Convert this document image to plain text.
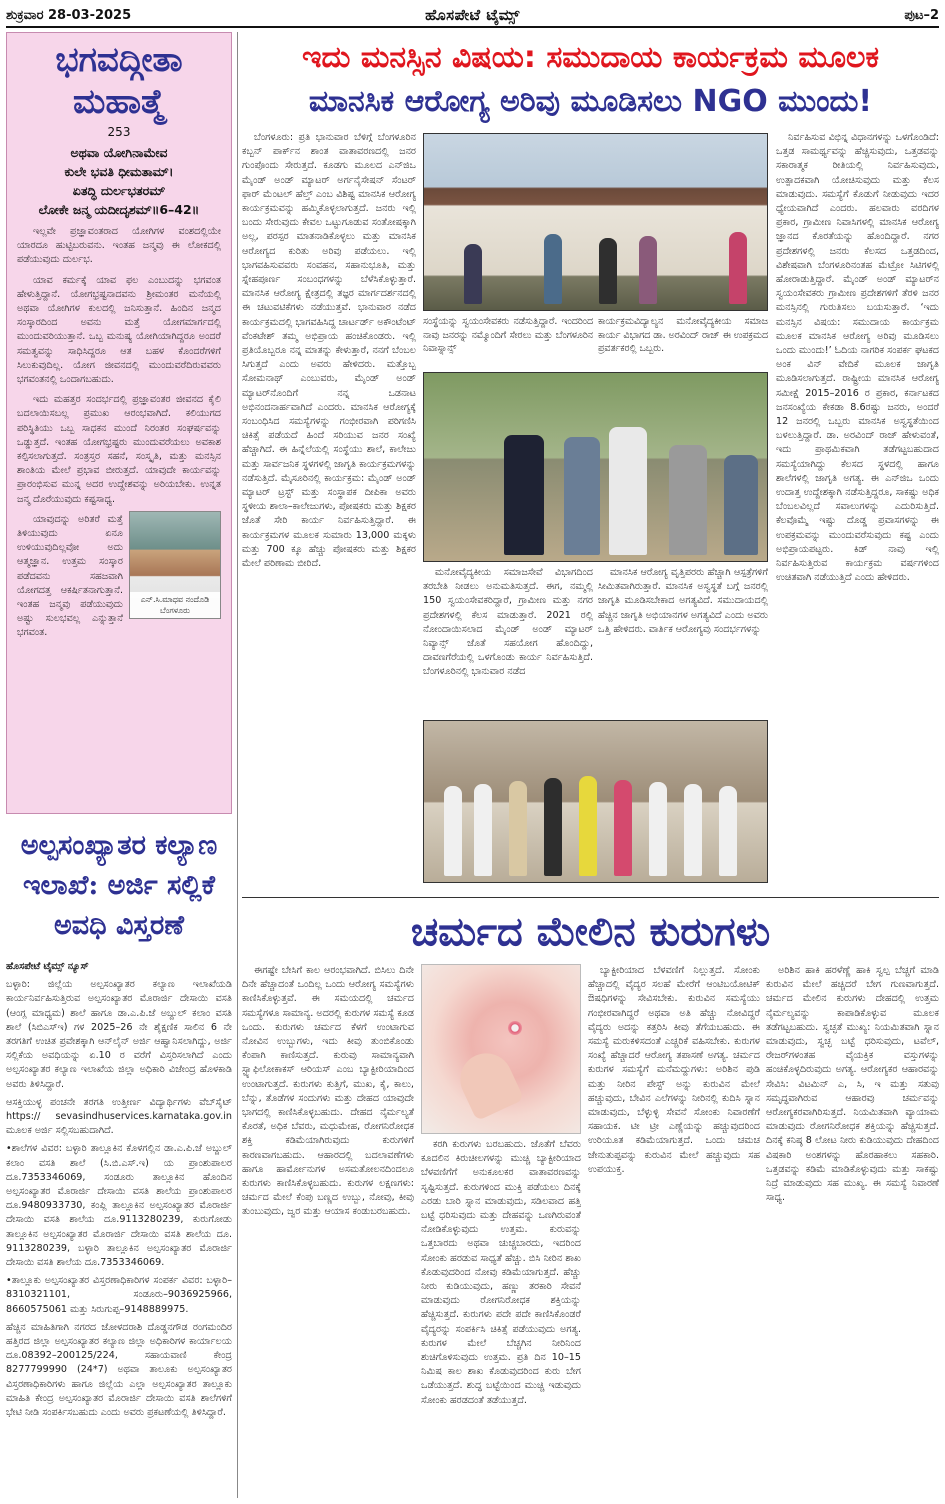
ಶುಕ್ರವಾರ 28-03-2025	ಹೊಸಪೇಟೆ ಟೈಮ್ಸ್	ಪುಟ–2
ಭಗವದ್ಗೀತಾ
ಮಹಾತ್ಮೆ
253
ಅಥವಾ ಯೋಗಿನಾಮೇವ
ಕುಲೇ ಭವತಿ ಧೀಮತಾಮ್।
ಏತದ್ಧಿ ದುರ್ಲಭತರಮ್
ಲೋಕೇ ಜನ್ಮ ಯದೀದೃಶಮ್॥6–42॥

ಇಲ್ಲವೇ ಪ್ರಜ್ಞಾವಂತರಾದ ಯೋಗಿಗಳ ವಂಶದಲ್ಲಿಯೇ ಯಾರದೂ ಹುಟ್ಟಿಬರುವನು. ಇಂತಹ ಜನ್ಮವು ಈ ಲೋಕದಲ್ಲಿ ಪಡೆಯುವುದು ದುರ್ಲಭ.

ಯಾವ ಕರ್ಮಕ್ಕೆ ಯಾವ ಫಲ ಎಂಬುದನ್ನು ಭಗವಂತ ಹೇಳುತ್ತಿದ್ದಾನೆ. ಯೋಗಭ್ರಷ್ಟನಾದವನು ಶ್ರೀಮಂತರ ಮನೆಯಲ್ಲಿ ಅಥವಾ ಯೋಗಿಗಳ ಕುಲದಲ್ಲಿ ಜನಿಸುತ್ತಾನೆ. ಹಿಂದಿನ ಜನ್ಮದ ಸಂಸ್ಕಾರದಿಂದ ಅವನು ಮತ್ತೆ ಯೋಗಮಾರ್ಗದಲ್ಲಿ ಮುಂದುವರಿಯುತ್ತಾನೆ. ಒಬ್ಬ ಮನುಷ್ಯ ಯೋಗಿಯಾಗಿದ್ದರೂ ಅಂದರೆ ಸಮತ್ವವನ್ನು ಸಾಧಿಸಿದ್ದರೂ ಆತ ಬಹಳ ಕೊಂದರೆಗಳಿಗೆ ಸಿಲುಕುವುದಿಲ್ಲ. ಯೋಗ ಜೀವನದಲ್ಲಿ ಮುಂದುವರೆದಿರುವವರು ಭಗವಂತನಲ್ಲಿ ಒಂದಾಗಬಹುದು.

ಇದು ಮಹತ್ತರ ಸಂದರ್ಭದಲ್ಲಿ ಪ್ರಜ್ಞಾವಂತರ ಜೀವನದ ಕೈಲಿ ಬದಲಾಯಿಸಬಲ್ಲ ಪ್ರಮುಖ ಆರಂಭವಾಗಿದೆ. ಕಲಿಯುಗದ ಪರಿಸ್ಥಿತಿಯು ಒಬ್ಬ ಸಾಧಕನ ಮುಂದೆ ನಿರಂತರ ಸಂಘರ್ಷವನ್ನು ಒಡ್ಡುತ್ತದೆ. ಇಂತಹ ಯೋಗಭ್ರಷ್ಟರು ಮುಂದುವರೆಯಲು ಅವಕಾಶ ಕಲ್ಪಿಸಲಾಗುತ್ತದೆ. ಸಂತ್ರಸ್ತರ ಸಹನೆ, ಸಂಸ್ಕೃತಿ, ಮತ್ತು ಮನಸ್ಸಿನ ಶಾಂತಿಯ ಮೇಲೆ ಪ್ರಭಾವ ಬೀರುತ್ತದೆ. ಯಾವುದೇ ಕಾರ್ಯವನ್ನು ಪ್ರಾರಂಭಿಸುವ ಮುನ್ನ ಅದರ ಉದ್ದೇಶವನ್ನು ಅರಿಯಬೇಕು. ಉನ್ನತ ಜನ್ಮ ದೊರೆಯುವುದು ಕಷ್ಟಸಾಧ್ಯ.

ಎನ್.ಸಿ.ಮಾಧವ ನಂದೊಡಿ
ಬೆಂಗಳೂರು

ಯಾವುದನ್ನು ಅರಿತರೆ ಮತ್ತೆ ತಿಳಿಯುವುದು ಏನೂ ಉಳಿಯುವುದಿಲ್ಲವೋ ಅದು ಆತ್ಮಜ್ಞಾನ. ಉತ್ತಮ ಸಂಸ್ಕಾರ ಪಡೆದವನು ಸಹಜವಾಗಿ ಯೋಗದತ್ತ ಆಕರ್ಷಿತನಾಗುತ್ತಾನೆ. ಇಂತಹ ಜನ್ಮವು ಪಡೆಯುವುದು ಅಷ್ಟು ಸುಲಭವಲ್ಲ ಎನ್ನುತ್ತಾನೆ ಭಗವಂತ.

ಅಲ್ಪಸಂಖ್ಯಾತರ ಕಲ್ಯಾಣ ಇಲಾಖೆ: ಅರ್ಜಿ ಸಲ್ಲಿಕೆ ಅವಧಿ ವಿಸ್ತರಣೆ

ಹೊಸಪೇಟೆ ಟೈಮ್ಸ್ ನ್ಯೂಸ್

ಬಳ್ಳಾರಿ: ಜಿಲ್ಲೆಯ ಅಲ್ಪಸಂಖ್ಯಾತರ ಕಲ್ಯಾಣ ಇಲಾಖೆಯಡಿ ಕಾರ್ಯನಿರ್ವಹಿಸುತ್ತಿರುವ ಅಲ್ಪಸಂಖ್ಯಾತರ ಮೊರಾರ್ಜಿ ದೇಸಾಯಿ ವಸತಿ (ಆಂಗ್ಲ ಮಾಧ್ಯಮ) ಶಾಲೆ ಹಾಗೂ ಡಾ.ಎ.ಪಿ.ಜೆ ಅಬ್ದುಲ್ ಕಲಾಂ ವಸತಿ ಶಾಲೆ (ಸಿಬಿಎಸ್‌ಇ) ಗಳ 2025–26 ನೇ ಶೈಕ್ಷಣಿಕ ಸಾಲಿನ 6 ನೇ ತರಗತಿಗೆ ಉಚಿತ ಪ್ರವೇಶಕ್ಕಾಗಿ ಆನ್‌ಲೈನ್ ಅರ್ಜಿ ಆಹ್ವಾನಿಸಲಾಗಿದ್ದು, ಅರ್ಜಿ ಸಲ್ಲಿಕೆಯ ಅವಧಿಯನ್ನು ಏ.10 ರ ವರೆಗೆ ವಿಸ್ತರಿಸಲಾಗಿದೆ ಎಂದು ಅಲ್ಪಸಂಖ್ಯಾತರ ಕಲ್ಯಾಣ ಇಲಾಖೆಯ ಜಿಲ್ಲಾ ಅಧಿಕಾರಿ ವಿಜೇಂದ್ರ ಹೊಳಕಾಡಿ ಅವರು ತಿಳಿಸಿದ್ದಾರೆ.

ಆಸಕ್ತಿಯುಳ್ಳ ಪಂಚನೇ ತರಗತಿ ಉತ್ತೀರ್ಣ ವಿದ್ಯಾರ್ಥಿಗಳು ವೆಬ್‌ಸೈಟ್ https:// sevasindhuservices.karnataka.gov.in ಮೂಲಕ ಅರ್ಜಿ ಸಲ್ಲಿಸಬಹುದಾಗಿದೆ.

•ಶಾಲೆಗಳ ವಿವರ: ಬಳ್ಳಾರಿ ತಾಲ್ಲೂಕಿನ ಕೊಳಗಲ್ಲಿನ ಡಾ.ಎ.ಪಿ.ಜೆ ಅಬ್ದುಲ್ ಕಲಾಂ ವಸತಿ ಶಾಲೆ (ಸಿ.ಬಿ.ಎಸ್.ಇ) ಯ ಪ್ರಾಂಶುಪಾಲರ ದೂ.7353346069, ಸಂಡೂರು ತಾಲ್ಲೂಕಿನ ಹೊಂದಿನ ಅಲ್ಪಸಂಖ್ಯಾತರ ಮೊರಾರ್ಜಿ ದೇಸಾಯಿ ವಸತಿ ಶಾಲೆಯ ಪ್ರಾಂಶುಪಾಲರ ದೂ.9480933730, ಕಂಪ್ಲಿ ತಾಲ್ಲೂಕಿನ ಅಲ್ಪಸಂಖ್ಯಾತರ ಮೊರಾರ್ಜಿ ದೇಸಾಯಿ ವಸತಿ ಶಾಲೆಯ ದೂ.9113280239, ಕುರುಗೋಡು ತಾಲ್ಲೂಕಿನ ಅಲ್ಪಸಂಖ್ಯಾತರ ಮೊರಾರ್ಜಿ ದೇಸಾಯಿ ವಸತಿ ಶಾಲೆಯ ದೂ. 9113280239, ಬಳ್ಳಾರಿ ತಾಲ್ಲೂಕಿನ ಅಲ್ಪಸಂಖ್ಯಾತರ ಮೊರಾರ್ಜಿ ದೇಸಾಯಿ ವಸತಿ ಶಾಲೆಯ ದೂ.7353346069.

•ತಾಲ್ಲೂಕು ಅಲ್ಪಸಂಖ್ಯಾತರ ವಿಸ್ತರಣಾಧಿಕಾರಿಗಳ ಸಂಪರ್ಕ ವಿವರ: ಬಳ್ಳಾರಿ–8310321101, ಸಂಡೂರು–9036925966, 8660575061 ಮತ್ತು ಸಿರುಗುಪ್ಪ–9148889975.

ಹೆಚ್ಚಿನ ಮಾಹಿತಿಗಾಗಿ ನಗರದ ಜೋಳದರಾಶಿ ದೊಡ್ಡನಗೌಡ ರಂಗಮಂದಿರ ಹತ್ತಿರದ ಜಿಲ್ಲಾ ಅಲ್ಪಸಂಖ್ಯಾತರ ಕಲ್ಯಾಣ ಜಿಲ್ಲಾ ಅಧಿಕಾರಿಗಳ ಕಾರ್ಯಾಲಯ ದೂ.08392–200125/224, ಸಹಾಯವಾಣಿ ಕೇಂದ್ರ 8277799990 (24*7) ಅಥವಾ ತಾಲೂಕು ಅಲ್ಪಸಂಖ್ಯಾತರ ವಿಸ್ತರಣಾಧಿಕಾರಿಗಳು ಹಾಗೂ ಜಿಲ್ಲೆಯ ಎಲ್ಲಾ ಅಲ್ಪಸಂಖ್ಯಾತರ ತಾಲ್ಲೂಕು ಮಾಹಿತಿ ಕೇಂದ್ರ ಅಲ್ಪಸಂಖ್ಯಾತರ ಮೊರಾರ್ಜಿ ದೇಸಾಯಿ ವಸತಿ ಶಾಲೆಗಳಿಗೆ ಭೇಟಿ ನೀಡಿ ಸಂಪರ್ಕಿಸಬಹುದು ಎಂದು ಅವರು ಪ್ರಕಟಣೆಯಲ್ಲಿ ತಿಳಿಸಿದ್ದಾರೆ.

ಇದು ಮನಸ್ಸಿನ ವಿಷಯ: ಸಮುದಾಯ ಕಾರ್ಯಕ್ರಮ ಮೂಲಕ
ಮಾನಸಿಕ ಆರೋಗ್ಯ ಅರಿವು ಮೂಡಿಸಲು NGO ಮುಂದು!

ಬೆಂಗಳೂರು: ಪ್ರತಿ ಭಾನುವಾರ ಬೆಳಿಗ್ಗೆ ಬೆಂಗಳೂರಿನ ಕಬ್ಬನ್ ಪಾರ್ಕ್‌ನ ಶಾಂತ ವಾತಾವರಣದಲ್ಲಿ ಜನರ ಗುಂಪೊಂದು ಸೇರುತ್ತದೆ. ಕೂಡಗು ಮೂಲದ ಎನ್‌ಜಿಒ ಮೈಂಡ್ ಅಂಡ್ ಮ್ಯಾಟರ್ ಅರ್ಗನೈಸೇಷನ್ ಸೆಂಟರ್ ಫಾರ್ ಮೆಂಟಲ್ ಹೆಲ್ತ್ ಎಂಬ ವಿಶಿಷ್ಟ ಮಾನಸಿಕ ಆರೋಗ್ಯ ಕಾರ್ಯಕ್ರಮವನ್ನು ಹಮ್ಮಿಕೊಳ್ಳಲಾಗುತ್ತದೆ. ಜನರು ಇಲ್ಲಿ ಬಂದು ಸೇರುವುದು ಕೇವಲ ಒಟ್ಟುಗೂಡುವ ಸಂತೋಷಕ್ಕಾಗಿ ಅಲ್ಲ, ಪರಸ್ಪರ ಮಾತನಾಡಿಕೊಳ್ಳಲು ಮತ್ತು ಮಾನಸಿಕ ಆರೋಗ್ಯದ ಕುರಿತು ಅರಿವು ಪಡೆಯಲು. ಇಲ್ಲಿ ಭಾಗವಹಿಸುವವರು ಸಂವಹನ, ಸಹಾನುಭೂತಿ, ಮತ್ತು ಸ್ನೇಹಪೂರ್ಣ ಸಂಬಂಧಗಳನ್ನು ಬೆಳೆಸಿಕೊಳ್ಳುತ್ತಾರೆ. ಮಾನಸಿಕ ಆರೋಗ್ಯ ಕ್ಷೇತ್ರದಲ್ಲಿ ತಜ್ಞರ ಮಾರ್ಗದರ್ಶನದಲ್ಲಿ ಈ ಚಟುವಟಿಕೆಗಳು ನಡೆಯುತ್ತವೆ. ಭಾನುವಾರ ನಡೆದ ಕಾರ್ಯಕ್ರಮದಲ್ಲಿ ಭಾಗವಹಿಸಿದ್ದ ಚಾರ್ಟರ್ಡ್ ಅಕೌಂಟೆಂಟ್ ವೆಂಕಟೇಶ್ ತಮ್ಮ ಅಭಿಪ್ರಾಯ ಹಂಚಿಕೊಂಡರು. ಇಲ್ಲಿ ಪ್ರತಿಯೊಬ್ಬರೂ ನನ್ನ ಮಾತನ್ನು ಕೇಳುತ್ತಾರೆ, ನನಗೆ ಬೆಂಬಲ ಸಿಗುತ್ತದೆ ಎಂದು ಅವರು ಹೇಳಿದರು. ಮತ್ತೊಬ್ಬ ಸೋಮನಾಥ್ ಎಂಬುವರು, ಮೈಂಡ್ ಅಂಡ್ ಮ್ಯಾಟರ್‌ನೊಂದಿಗೆ ನನ್ನ ಒಡನಾಟ ಅಭಿನಂದನಾರ್ಹವಾಗಿದೆ ಎಂದರು. ಮಾನಸಿಕ ಆರೋಗ್ಯಕ್ಕೆ ಸಂಬಂಧಿಸಿದ ಸಮಸ್ಯೆಗಳನ್ನು ಗಂಭೀರವಾಗಿ ಪರಿಗಣಿಸಿ ಚಿಕಿತ್ಸೆ ಪಡೆಯದೆ ಹಿಂದೆ ಸರಿಯುವ ಜನರ ಸಂಖ್ಯೆ ಹೆಚ್ಚಾಗಿದೆ. ಈ ಹಿನ್ನೆಲೆಯಲ್ಲಿ ಸಂಸ್ಥೆಯು ಶಾಲೆ, ಕಾಲೇಜು ಮತ್ತು ಸಾರ್ವಜನಿಕ ಸ್ಥಳಗಳಲ್ಲಿ ಜಾಗೃತಿ ಕಾರ್ಯಕ್ರಮಗಳನ್ನು ನಡೆಸುತ್ತಿದೆ. ಮೈಸೂರಿನಲ್ಲಿ ಕಾರ್ಯಕ್ರಮ: ಮೈಂಡ್ ಅಂಡ್ ಮ್ಯಾಟರ್ ಟ್ರಸ್ಟ್ ಮತ್ತು ಸಂಸ್ಥಾಪಕ ದೀಪಿಕಾ ಅವರು ಸ್ಥಳೀಯ ಶಾಲಾ–ಕಾಲೇಜುಗಳು, ಪೋಷಕರು ಮತ್ತು ಶಿಕ್ಷಕರ ಜೊತೆ ಸೇರಿ ಕಾರ್ಯ ನಿರ್ವಹಿಸುತ್ತಿದ್ದಾರೆ. ಈ ಕಾರ್ಯಕ್ರಮಗಳ ಮೂಲಕ ಸುಮಾರು 13,000 ಮಕ್ಕಳು ಮತ್ತು 700 ಕ್ಕೂ ಹೆಚ್ಚು ಪೋಷಕರು ಮತ್ತು ಶಿಕ್ಷಕರ ಮೇಲೆ ಪರಿಣಾಮ ಬೀರಿದೆ.

ಸಂಸ್ಥೆಯನ್ನು ಸ್ವಯಂಸೇವಕರು ನಡೆಸುತ್ತಿದ್ದಾರೆ. ಇಂದರಿಂದ ನಾವು ಜನರನ್ನು ನಮ್ಮೊಂದಿಗೆ ಸೇರಲು ಮತ್ತು ಬೆಂಗಳೂರಿನ ನಿವಾಸ್ನಾನ್ಸ್
ಕಾರ್ಯಕ್ರಮವಿದ್ಯಾಲ್ಯನ ಮನೋವೈದ್ಯಕೀಯ ಸಮಾಜ ಕಾರ್ಯ ವಿಭಾಗದ ಡಾ. ಅರವಿಂದ್ ರಾಜ್ ಈ ಉಪಕ್ರಮದ ಪ್ರವರ್ತಕರಲ್ಲಿ ಒಬ್ಬರು.

ಮನೋವೈದ್ಯಕೀಯ ಸಮಾಜಸೇವೆ ವಿಭಾಗದಿಂದ ತರಬೇತಿ ನೀಡಲು ಅನುಮತಿಸುತ್ತದೆ. ಈಗ, ನಮ್ಮಲ್ಲಿ 150 ಸ್ವಯಂಸೇವಕರಿದ್ದಾರೆ, ಗ್ರಾಮೀಣ ಮತ್ತು ನಗರ ಪ್ರದೇಶಗಳಲ್ಲಿ ಕೆಲಸ ಮಾಡುತ್ತಾರೆ. 2021 ರಲ್ಲಿ ನೋಂದಾಯಿಸಲಾದ ಮೈಂಡ್ ಅಂಡ್ ಮ್ಯಾಟರ್ ನಿವ್ಯಾನ್ಸ್ ಜೊತೆ ಸಹಯೋಗ ಹೊಂದಿದ್ದು, ದಾವಣಗೆರೆಯಲ್ಲಿ ಒಳಗೊಂಡು ಕಾರ್ಯ ನಿರ್ವಹಿಸುತ್ತಿದೆ. ಬೆಂಗಳೂರಿನಲ್ಲಿ ಭಾನುವಾರ ನಡೆದ

ಮಾನಸಿಕ ಆರೋಗ್ಯ ವೃತ್ತಿಪರರು ಹೆಚ್ಚಾಗಿ ಆಸ್ಪತ್ರೆಗಳಿಗೆ ಸೀಮಿತವಾಗಿರುತ್ತಾರೆ. ಮಾನಸಿಕ ಅಸ್ವಸ್ಥತೆ ಬಗ್ಗೆ ಜನರಲ್ಲಿ ಜಾಗೃತಿ ಮೂಡಿಸಬೇಕಾದ ಅಗತ್ಯವಿದೆ. ಸಮುದಾಯದಲ್ಲಿ ಹೆಚ್ಚಿನ ಜಾಗೃತಿ ಅಭಿಯಾನಗಳ ಅಗತ್ಯವಿದೆ ಎಂದು ಅವರು ಒತ್ತಿ ಹೇಳಿದರು. ವಾರ್ತಿಕ ಆರೋಗ್ಯವು ಸಂದರ್ಭಗಳನ್ನು

ನಿರ್ವಹಿಸುವ ವಿಭಿನ್ನ ವಿಧಾನಗಳನ್ನು ಒಳಗೊಂಡಿದೆ: ಒತ್ತಡ ಸಾಮರ್ಥ್ಯವನ್ನು ಹೆಚ್ಚಿಸುವುದು, ಒತ್ತಡವನ್ನು ಸಕಾರಾತ್ಮಕ ರೀತಿಯಲ್ಲಿ ನಿರ್ವಹಿಸುವುದು, ಉತ್ಪಾದಕವಾಗಿ ಯೋಚಿಸುವುದು ಮತ್ತು ಕೆಲಸ ಮಾಡುವುದು. ಸಮಸ್ಯೆಗೆ ಕೊಡುಗೆ ನೀಡುವುದು ಇದರ ಧ್ಯೇಯವಾಗಿದೆ ಎಂದರು. ಹಲವಾರು ವರದಿಗಳ ಪ್ರಕಾರ, ಗ್ರಾಮೀಣ ನಿವಾಸಿಗಳಲ್ಲಿ ಮಾನಸಿಕ ಆರೋಗ್ಯ ಜ್ಞಾನದ ಕೊರತೆಯನ್ನು ಹೊಂದಿದ್ದಾರೆ. ನಗರ ಪ್ರದೇಶಗಳಲ್ಲಿ ಜನರು ಕೆಲಸದ ಒತ್ತಡದಿಂದ, ವಿಶೇಷವಾಗಿ ಬೆಂಗಳೂರಿನಂತಹ ಮೆಟ್ರೋ ಸಿಟಿಗಳಲ್ಲಿ ಹೋರಾಡುತ್ತಿದ್ದಾರೆ. ಮೈಂಡ್ ಅಂಡ್ ಮ್ಯಾಟರ್‌ನ ಸ್ವಯಂಸೇವಕರು ಗ್ರಾಮೀಣ ಪ್ರದೇಶಗಳಿಗೆ ತೆರಳಿ ಜನರ ಮನಸ್ಸಿನಲ್ಲಿ ಗುರುತಿಸಲು ಬಯಸುತ್ತಾರೆ. ‘ಇದು ಮನಸ್ಸಿನ ವಿಷಯ: ಸಮುದಾಯ ಕಾರ್ಯಕ್ರಮ ಮೂಲಕ ಮಾನಸಿಕ ಆರೋಗ್ಯ ಅರಿವು ಮೂಡಿಸಲು ಒಂದು ಮುಂದು!’ ಓದಿಯ ನಾಗರಿಕ ಸಂಪರ್ಕ ಘಟಕದ ಅಂಕ ವಿನ್ ವೇದಿಕೆ ಮೂಲಕ ಜಾಗೃತಿ ಮೂಡಿಸಲಾಗುತ್ತದೆ. ರಾಷ್ಟ್ರೀಯ ಮಾನಸಿಕ ಆರೋಗ್ಯ ಸಮೀಕ್ಷೆ 2015–2016 ರ ಪ್ರಕಾರ, ಕರ್ನಾಟಕದ ಜನಸಂಖ್ಯೆಯ ಕೇಕಡಾ 8.6ರಷ್ಟು ಜನರು, ಅಂದರೆ 12 ಜನರಲ್ಲಿ ಒಬ್ಬರು ಮಾನಸಿಕ ಅಸ್ವಸ್ಥತೆಯಿಂದ ಬಳಲುತ್ತಿದ್ದಾರೆ. ಡಾ. ಅರವಿಂದ್ ರಾಜ್ ಹೇಳುವಂತೆ, ಇದು ಪ್ರಾಥಮಿಕವಾಗಿ ತಡೆಗಟ್ಟಬಹುದಾದ ಸಮಸ್ಯೆಯಾಗಿದ್ದು ಕೆಲಸದ ಸ್ಥಳದಲ್ಲಿ ಹಾಗೂ ಶಾಲೆಗಳಲ್ಲಿ ಜಾಗೃತಿ ಅಗತ್ಯ. ಈ ಎನ್‌ಜಿಒ ಒಂದು ಉದಾತ್ತ ಉದ್ದೇಶಕ್ಕಾಗಿ ನಡೆಸುತ್ತಿದ್ದರೂ, ಸಾಕಷ್ಟು ಅಧಿಕ ಬೆಂಬಲವಿಲ್ಲದೆ ಸವಾಲುಗಳನ್ನು ಎದುರಿಸುತ್ತಿದೆ. ಕೆಲವೊಮ್ಮೆ ಇಷ್ಟು ದೊಡ್ಡ ಪ್ರವಾಸಗಳನ್ನು ಈ ಉಪಕ್ರಮವನ್ನು ಮುಂದುವರೆಸುವುದು ಕಷ್ಟ ಎಂದು ಅಭಿಪ್ರಾಯಪಟ್ಟರು. ಕಿಡ್ ನಾವು ಇಲ್ಲಿ ನಿರ್ವಹಿಸುತ್ತಿರುವ ಕಾರ್ಯಕ್ರಮ ವರ್ಷಗಳಿಂದ ಉಚಿತವಾಗಿ ನಡೆಯುತ್ತಿದೆ ಎಂದು ಹೇಳಿದರು.

ಚರ್ಮದ ಮೇಲಿನ ಕುರುಗಳು

ಈಗಷ್ಟೇ ಬೇಸಿಗೆ ಕಾಲ ಆರಂಭವಾಗಿದೆ. ಬಿಸಿಲು ದಿನೇ ದಿನೇ ಹೆಚ್ಚಾದಂತೆ ಒಂದಿಲ್ಲ ಒಂದು ಆರೋಗ್ಯ ಸಮಸ್ಯೆಗಳು ಕಾಣಿಸಿಕೊಳ್ಳುತ್ತವೆ. ಈ ಸಮಯದಲ್ಲಿ ಚರ್ಮದ ಸಮಸ್ಯೆಗಳೂ ಸಾಮಾನ್ಯ. ಅದರಲ್ಲಿ ಕುರುಗಳ ಸಮಸ್ಯೆ ಕೂಡ ಒಂದು. ಕುರುಗಳು ಚರ್ಮದ ಕೆಳಗೆ ಉಂಟಾಗುವ ನೋವಿನ ಉಬ್ಬುಗಳು, ಇದು ಕೀವು ತುಂಬಿಕೊಂಡು ಕೆಂಪಾಗಿ ಕಾಣಿಸುತ್ತದೆ. ಕುರುವು ಸಾಮಾನ್ಯವಾಗಿ ಸ್ಟ್ಯಾಫಿಲೋಕಾಕಸ್ ಆರಿಯಸ್ ಎಂಬ ಬ್ಯಾಕ್ಟೀರಿಯಾದಿಂದ ಉಂಟಾಗುತ್ತದೆ. ಕುರುಗಳು ಕುತ್ತಿಗೆ, ಮುಖ, ಕೈ, ಕಾಲು, ಬೆನ್ನು, ತೊಡೆಗಳ ಸಂದುಗಳು ಮತ್ತು ದೇಹದ ಯಾವುದೇ ಭಾಗದಲ್ಲಿ ಕಾಣಿಸಿಕೊಳ್ಳಬಹುದು. ದೇಹದ ನೈರ್ಮಲ್ಯತೆ ಕೊರತೆ, ಅಧಿಕ ಬೆವರು, ಮಧುಮೇಹ, ರೋಗನಿರೋಧಕ ಶಕ್ತಿ ಕಡಿಮೆಯಾಗಿರುವುದು ಕುರುಗಳಿಗೆ ಕಾರಣವಾಗಬಹುದು. ಆಹಾರದಲ್ಲಿ ಬದಲಾವಣೆಗಳು ಹಾಗೂ ಹಾರ್ಮೋನುಗಳ ಅಸಮತೋಲನದಿಂದಲೂ ಕುರುಗಳು ಕಾಣಿಸಿಕೊಳ್ಳಬಹುದು. ಕುರುಗಳ ಲಕ್ಷಣಗಳು: ಚರ್ಮದ ಮೇಲೆ ಕೆಂಪು ಬಣ್ಣದ ಉಬ್ಬು, ನೋವು, ಕೀವು ತುಂಬುವುದು, ಜ್ವರ ಮತ್ತು ಆಯಾಸ ಕಂಡುಬರಬಹುದು.

ಕರಗಿ ಕುರುಗಳು ಬರಬಹುದು. ಜೊತೆಗೆ ಬೆವರು ಕೂದಲಿನ ಕಿರುಚೀಲಗಳನ್ನು ಮುಚ್ಚಿ ಬ್ಯಾಕ್ಟೀರಿಯಾದ ಬೆಳವಣಿಗೆಗೆ ಅನುಕೂಲಕರ ವಾತಾವರಣವನ್ನು ಸೃಷ್ಟಿಸುತ್ತದೆ. ಕುರುಗಳಿಂದ ಮುಕ್ತಿ ಪಡೆಯಲು ದಿನಕ್ಕೆ ಎರಡು ಬಾರಿ ಸ್ನಾನ ಮಾಡುವುದು, ಸಡಿಲವಾದ ಹತ್ತಿ ಬಟ್ಟೆ ಧರಿಸುವುದು ಮತ್ತು ದೇಹವನ್ನು ಒಣಗಿರುವಂತೆ ನೋಡಿಕೊಳ್ಳುವುದು ಉತ್ತಮ. ಕುರುವನ್ನು ಒತ್ತಬಾರದು ಅಥವಾ ಚುಚ್ಚಬಾರದು, ಇದರಿಂದ ಸೋಂಕು ಹರಡುವ ಸಾಧ್ಯತೆ ಹೆಚ್ಚು. ಬಿಸಿ ನೀರಿನ ಶಾಖ ಕೊಡುವುದರಿಂದ ನೋವು ಕಡಿಮೆಯಾಗುತ್ತದೆ. ಹೆಚ್ಚು ನೀರು ಕುಡಿಯುವುದು, ಹಣ್ಣು ತರಕಾರಿ ಸೇವನೆ ಮಾಡುವುದು ರೋಗನಿರೋಧಕ ಶಕ್ತಿಯನ್ನು ಹೆಚ್ಚಿಸುತ್ತದೆ. ಕುರುಗಳು ಪದೇ ಪದೇ ಕಾಣಿಸಿಕೊಂಡರೆ ವೈದ್ಯರನ್ನು ಸಂಪರ್ಕಿಸಿ ಚಿಕಿತ್ಸೆ ಪಡೆಯುವುದು ಅಗತ್ಯ. ಕುರುಗಳ ಮೇಲೆ ಬೆಚ್ಚಗಿನ ನೀರಿನಿಂದ ಶುಚಿಗೊಳಿಸುವುದು ಉತ್ತಮ. ಪ್ರತಿ ದಿನ 10–15 ನಿಮಿಷ ಕಾಲ ಶಾಖ ಕೊಡುವುದರಿಂದ ಕುರು ಬೇಗ ಒಡೆಯುತ್ತದೆ. ಶುದ್ಧ ಬಟ್ಟೆಯಿಂದ ಮುಚ್ಚಿ ಇಡುವುದು ಸೋಂಕು ಹರಡದಂತೆ ತಡೆಯುತ್ತದೆ.

ಬ್ಯಾಕ್ಟೀರಿಯಾದ ಬೆಳವಣಿಗೆ ನಿಲ್ಲುತ್ತದೆ. ಸೋಂಕು ಹೆಚ್ಚಾದಲ್ಲಿ ವೈದ್ಯರ ಸಲಹೆ ಮೇರೆಗೆ ಆಂಟಿಬಯೋಟಿಕ್ ಔಷಧಿಗಳನ್ನು ಸೇವಿಸಬೇಕು. ಕುರುವಿನ ಸಮಸ್ಯೆಯು ಗಂಭೀರವಾಗಿದ್ದರೆ ಅಥವಾ ಅತಿ ಹೆಚ್ಚು ನೋವಿದ್ದರೆ ವೈದ್ಯರು ಅದನ್ನು ಕತ್ತರಿಸಿ ಕೀವು ತೆಗೆಯಬಹುದು. ಈ ಸಮಸ್ಯೆ ಮರುಕಳಿಸದಂತೆ ಎಚ್ಚರಿಕೆ ವಹಿಸಬೇಕು. ಕುರುಗಳ ಸಂಖ್ಯೆ ಹೆಚ್ಚಾದರೆ ಆರೋಗ್ಯ ತಪಾಸಣೆ ಅಗತ್ಯ. ಚರ್ಮದ ಕುರುಗಳ ಸಮಸ್ಯೆಗೆ ಮನೆಮದ್ದುಗಳು: ಅರಿಶಿನ ಪುಡಿ ಮತ್ತು ನೀರಿನ ಪೇಸ್ಟ್ ಅನ್ನು ಕುರುವಿನ ಮೇಲೆ ಹಚ್ಚುವುದು, ಬೇವಿನ ಎಲೆಗಳನ್ನು ನೀರಿನಲ್ಲಿ ಕುದಿಸಿ ಸ್ನಾನ ಮಾಡುವುದು, ಬೆಳ್ಳುಳ್ಳಿ ಸೇವನೆ ಸೋಂಕು ನಿವಾರಣೆಗೆ ಸಹಾಯಕ. ಟೀ ಟ್ರೀ ಎಣ್ಣೆಯನ್ನು ಹಚ್ಚುವುದರಿಂದ ಉರಿಯೂತ ಕಡಿಮೆಯಾಗುತ್ತದೆ. ಒಂದು ಚಮಚ ಜೇನುತುಪ್ಪವನ್ನು ಕುರುವಿನ ಮೇಲೆ ಹಚ್ಚುವುದು ಸಹ ಉಪಯುಕ್ತ.

ಅರಿಶಿನ ಹಾಕಿ ಹರಳೆಣ್ಣೆ ಹಾಕಿ ಸ್ವಲ್ಪ ಬೆಚ್ಚಗೆ ಮಾಡಿ ಕುರುವಿನ ಮೇಲೆ ಹಚ್ಚಿದರೆ ಬೇಗ ಗುಣವಾಗುತ್ತದೆ. ಚರ್ಮದ ಮೇಲಿನ ಕುರುಗಳು ದೇಹದಲ್ಲಿ ಉತ್ತಮ ನೈರ್ಮಲ್ಯವನ್ನು ಕಾಪಾಡಿಕೊಳ್ಳುವ ಮೂಲಕ ತಡೆಗಟ್ಟಬಹುದು. ಸ್ವಚ್ಛತೆ ಮುಖ್ಯ: ನಿಯಮಿತವಾಗಿ ಸ್ನಾನ ಮಾಡುವುದು, ಸ್ವಚ್ಛ ಬಟ್ಟೆ ಧರಿಸುವುದು, ಟವೆಲ್, ರೇಜರ್‌ಗಳಂತಹ ವೈಯಕ್ತಿಕ ವಸ್ತುಗಳನ್ನು ಹಂಚಿಕೊಳ್ಳದಿರುವುದು ಅಗತ್ಯ. ಆರೋಗ್ಯಕರ ಆಹಾರವನ್ನು ಸೇವಿಸಿ: ವಿಟಮಿನ್ ಎ, ಸಿ, ಇ ಮತ್ತು ಸತುವು ಸಮೃದ್ಧವಾಗಿರುವ ಆಹಾರವು ಚರ್ಮವನ್ನು ಆರೋಗ್ಯಕರವಾಗಿರಿಸುತ್ತದೆ. ನಿಯಮಿತವಾಗಿ ವ್ಯಾಯಾಮ ಮಾಡುವುದು ರೋಗನಿರೋಧಕ ಶಕ್ತಿಯನ್ನು ಹೆಚ್ಚಿಸುತ್ತದೆ. ದಿನಕ್ಕೆ ಕನಿಷ್ಠ 8 ಲೋಟ ನೀರು ಕುಡಿಯುವುದು ದೇಹದಿಂದ ವಿಷಕಾರಿ ಅಂಶಗಳನ್ನು ಹೊರಹಾಕಲು ಸಹಕಾರಿ. ಒತ್ತಡವನ್ನು ಕಡಿಮೆ ಮಾಡಿಕೊಳ್ಳುವುದು ಮತ್ತು ಸಾಕಷ್ಟು ನಿದ್ರೆ ಮಾಡುವುದು ಸಹ ಮುಖ್ಯ. ಈ ಸಮಸ್ಯೆ ನಿವಾರಣೆ ಸಾಧ್ಯ.
